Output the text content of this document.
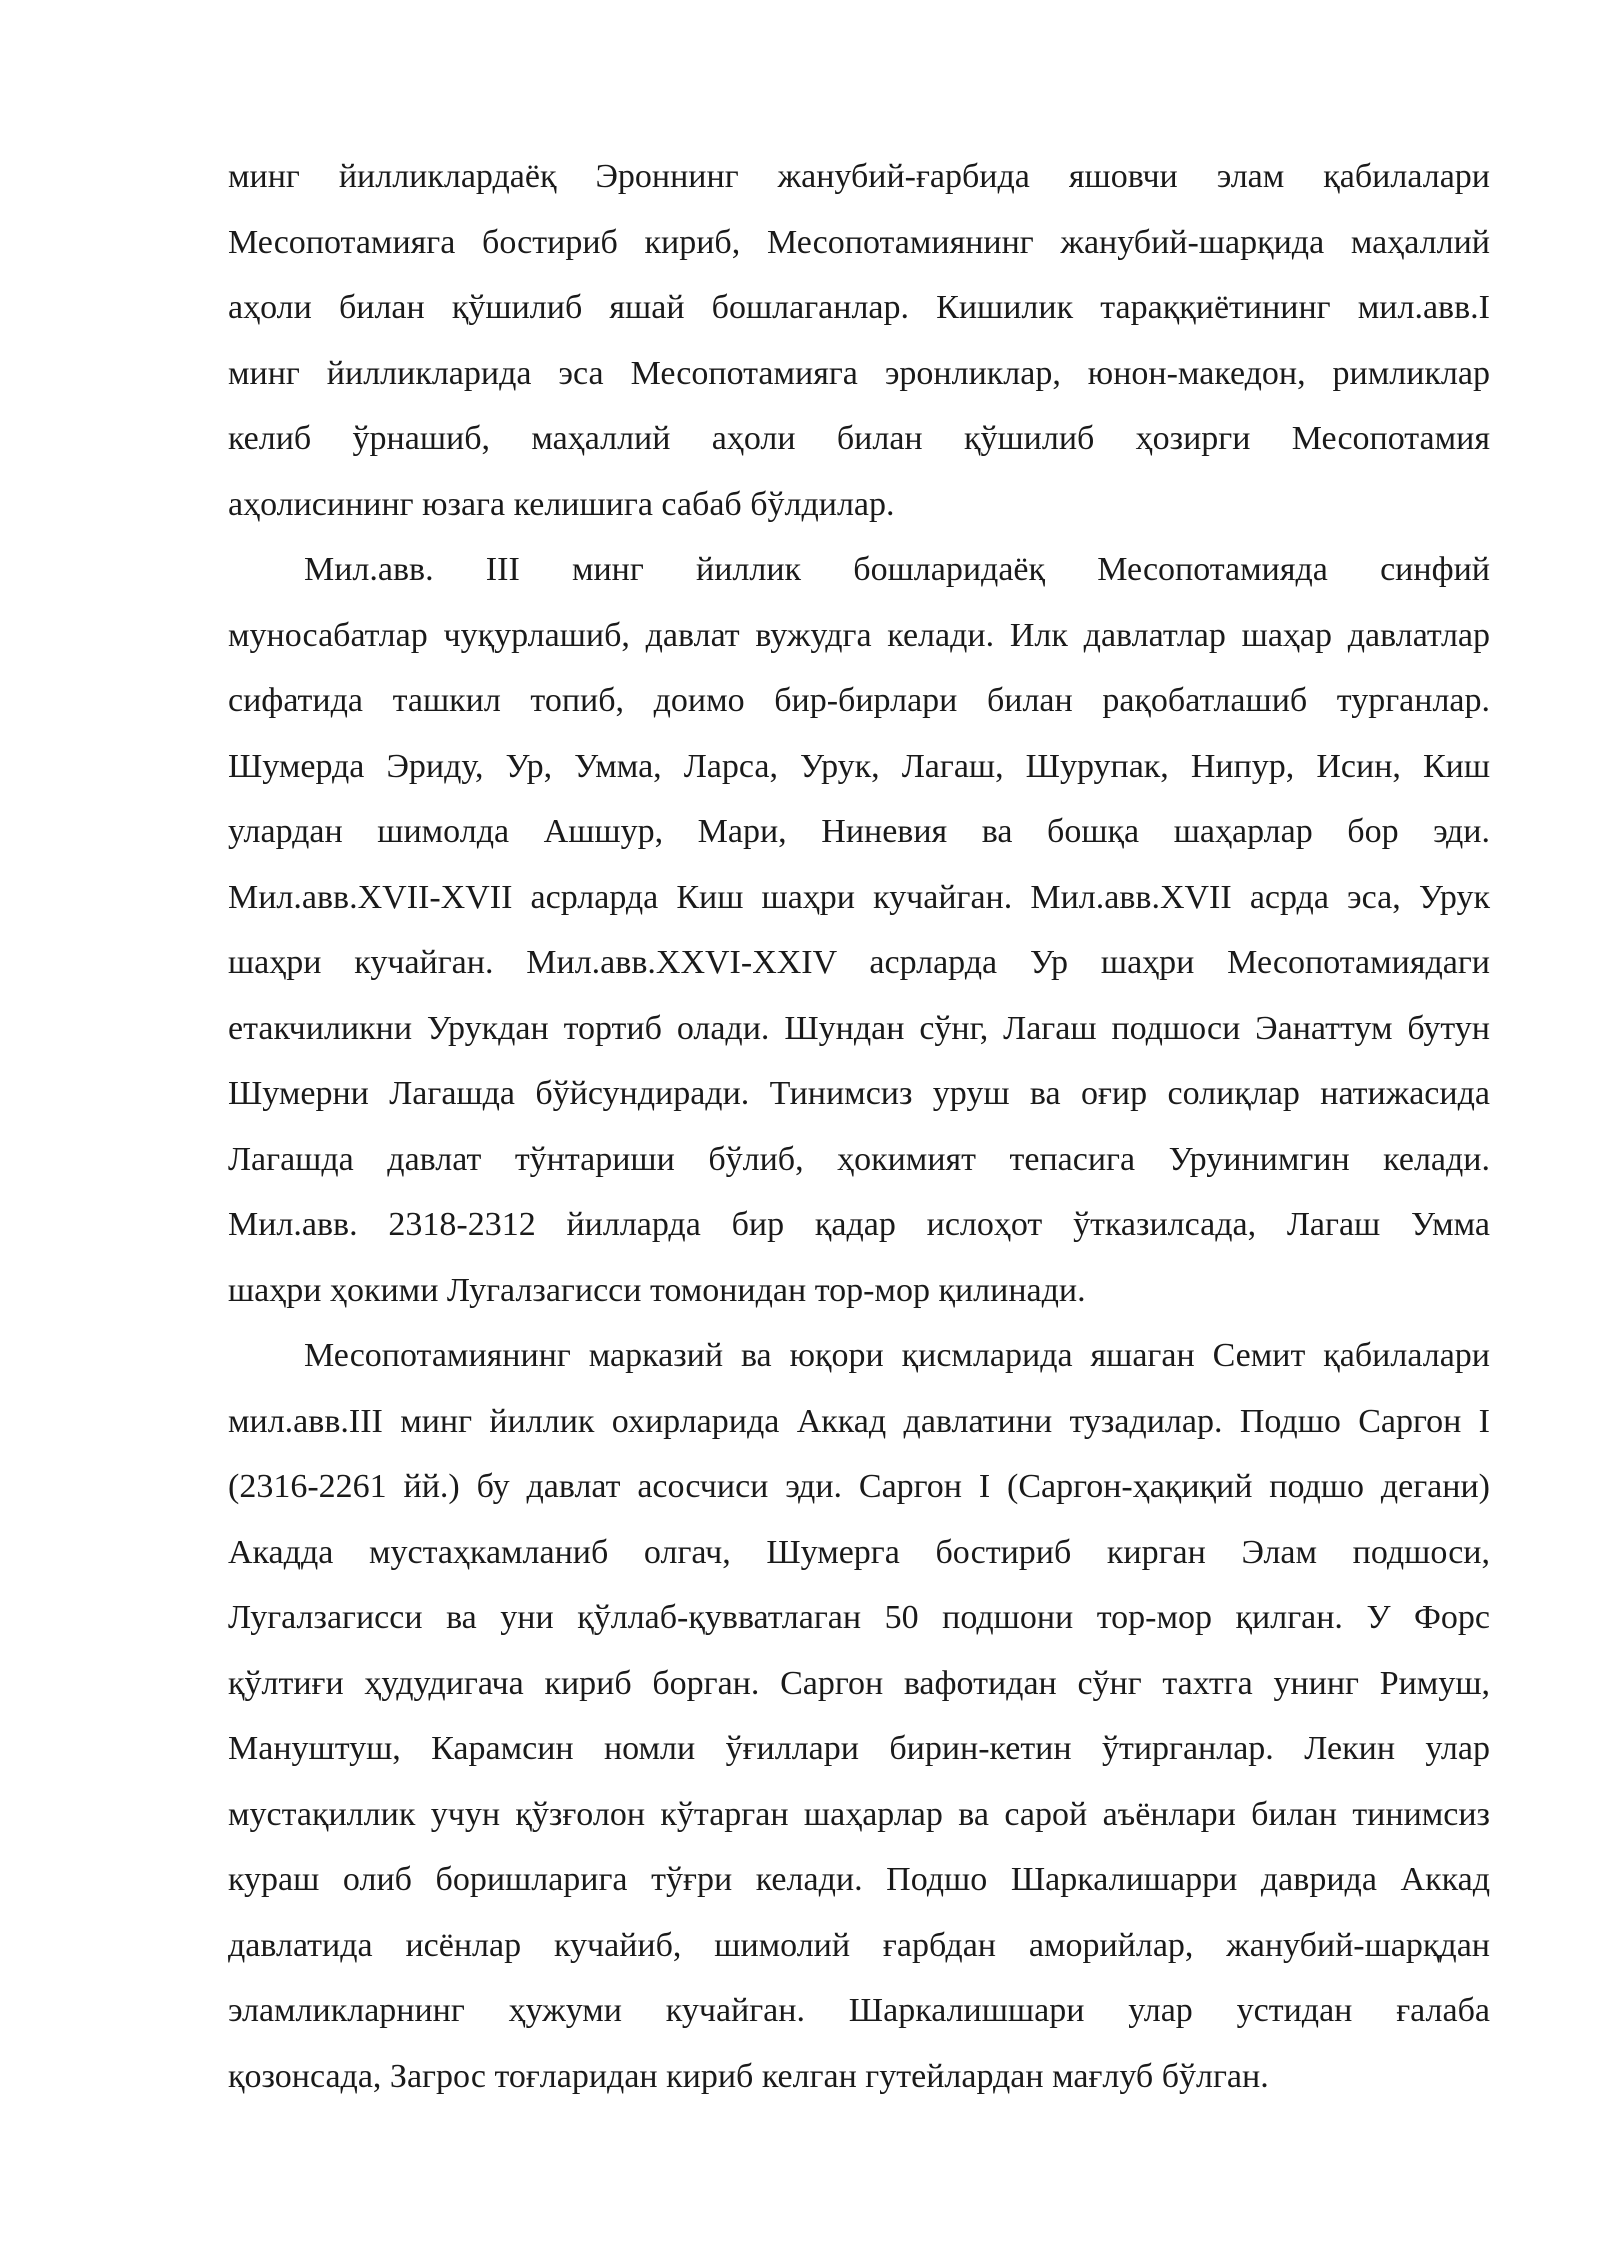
минг йилликлардаёқ Эроннинг жанубий-ғарбида яшовчи элам қабилалари
Месопотамияга бостириб кириб, Месопотамиянинг жанубий-шарқида маҳаллий
аҳоли билан қўшилиб яшай бошлаганлар. Кишилик тараққиётининг мил.авв.I
минг йилликларида эса Месопотамияга эронликлар, юнон-македон, римликлар
келиб ўрнашиб, маҳаллий аҳоли билан қўшилиб ҳозирги Месопотамия
аҳолисининг юзага келишига сабаб бўлдилар.
Мил.авв. III минг йиллик бошларидаёқ Месопотамияда синфий
муносабатлар чуқурлашиб, давлат вужудга келади. Илк давлатлар шаҳар давлатлар
сифатида ташкил топиб, доимо бир-бирлари билан рақобатлашиб турганлар.
Шумерда Эриду, Ур, Умма, Ларса, Урук, Лагаш, Шурупак, Нипур, Исин, Киш
улардан шимолда Ашшур, Мари, Ниневия ва бошқа шаҳарлар бор эди.
Мил.авв.XVII-XVII асрларда Киш шаҳри кучайган. Мил.авв.XVII асрда эса, Урук
шаҳри кучайган. Мил.авв.XXVI-XXIV асрларда Ур шаҳри Месопотамиядаги
етакчиликни Урукдан тортиб олади. Шундан сўнг, Лагаш подшоси Эанаттум бутун
Шумерни Лагашда бўйсундиради. Тинимсиз уруш ва оғир солиқлар натижасида
Лагашда давлат тўнтариши бўлиб, ҳокимият тепасига Уруинимгин келади.
Мил.авв. 2318-2312 йилларда бир қадар ислоҳот ўтказилсада, Лагаш Умма
шаҳри ҳокими Лугалзагисси томонидан тор-мор қилинади.
Месопотамиянинг марказий ва юқори қисмларида яшаган Семит қабилалари
мил.авв.III минг йиллик охирларида Аккад давлатини тузадилар. Подшо Саргон I
(2316-2261 йй.) бу давлат асосчиси эди. Саргон I (Саргон-ҳақиқий подшо дегани)
Акадда мустаҳкамланиб олгач, Шумерга бостириб кирган Элам подшоси,
Лугалзагисси ва уни қўллаб-қувватлаган 50 подшони тор-мор қилган. У Форс
қўлтиғи ҳудудигача кириб борган. Саргон вафотидан сўнг тахтга унинг Римуш,
Мануштуш, Карамсин номли ўғиллари бирин-кетин ўтирганлар. Лекин улар
мустақиллик учун қўзғолон кўтарган шаҳарлар ва сарой аъёнлари билан тинимсиз
кураш олиб боришларига тўғри келади. Подшо Шаркалишарри даврида Аккад
давлатида исёнлар кучайиб, шимолий ғарбдан аморийлар, жанубий-шарқдан
эламликларнинг ҳужуми кучайган. Шаркалишшари улар устидан ғалаба
қозонсада, Загрос тоғларидан кириб келган гутейлардан мағлуб бўлган.
